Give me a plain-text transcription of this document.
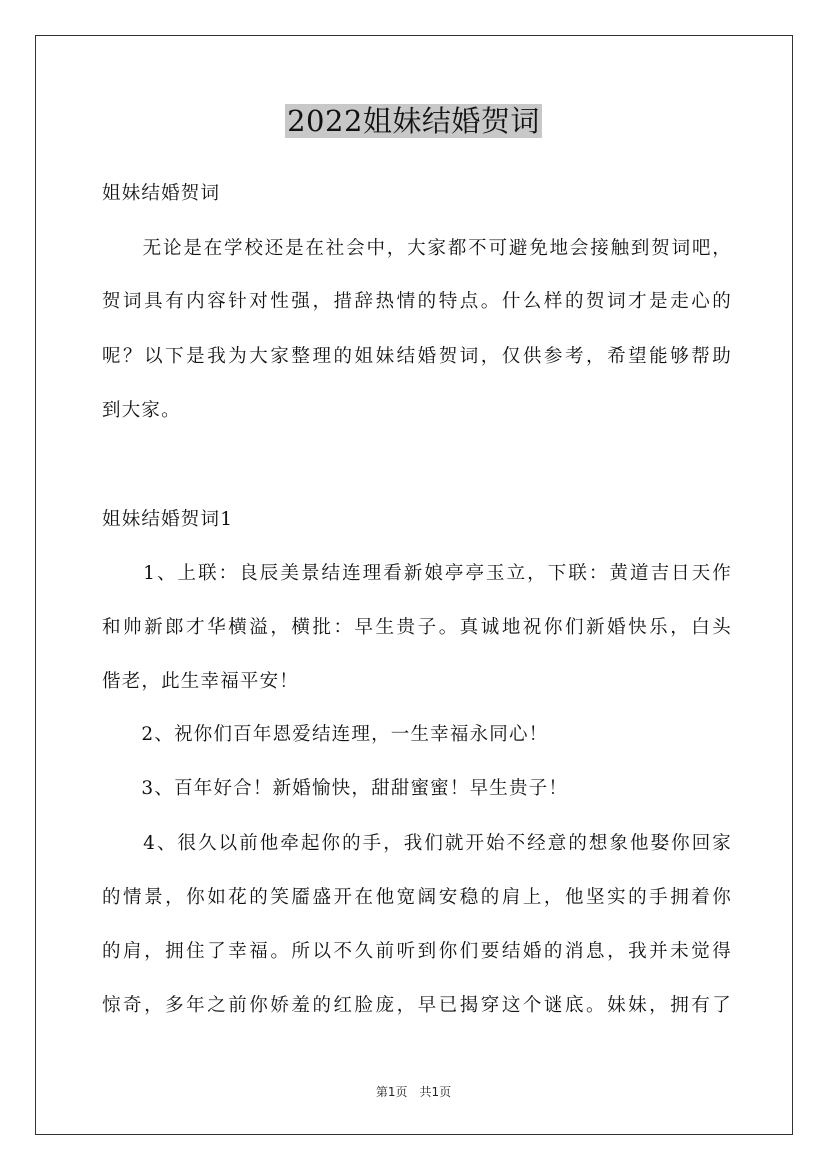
2022姐妹结婚贺词
姐妹结婚贺词
　　无论是在学校还是在社会中，大家都不可避免地会接触到贺词吧，
贺词具有内容针对性强，措辞热情的特点。什么样的贺词才是走心的
呢？以下是我为大家整理的姐妹结婚贺词，仅供参考，希望能够帮助
到大家。
姐妹结婚贺词1
　　1、上联：良辰美景结连理看新娘亭亭玉立，下联：黄道吉日天作
和帅新郎才华横溢，横批：早生贵子。真诚地祝你们新婚快乐，白头
偕老，此生幸福平安！
　　2、祝你们百年恩爱结连理，一生幸福永同心！
　　3、百年好合！新婚愉快，甜甜蜜蜜！早生贵子！
　　4、很久以前他牵起你的手，我们就开始不经意的想象他娶你回家
的情景，你如花的笑靥盛开在他宽阔安稳的肩上，他坚实的手拥着你
的肩，拥住了幸福。所以不久前听到你们要结婚的消息，我并未觉得
惊奇，多年之前你娇羞的红脸庞，早已揭穿这个谜底。妹妹，拥有了
第1页　共1页
